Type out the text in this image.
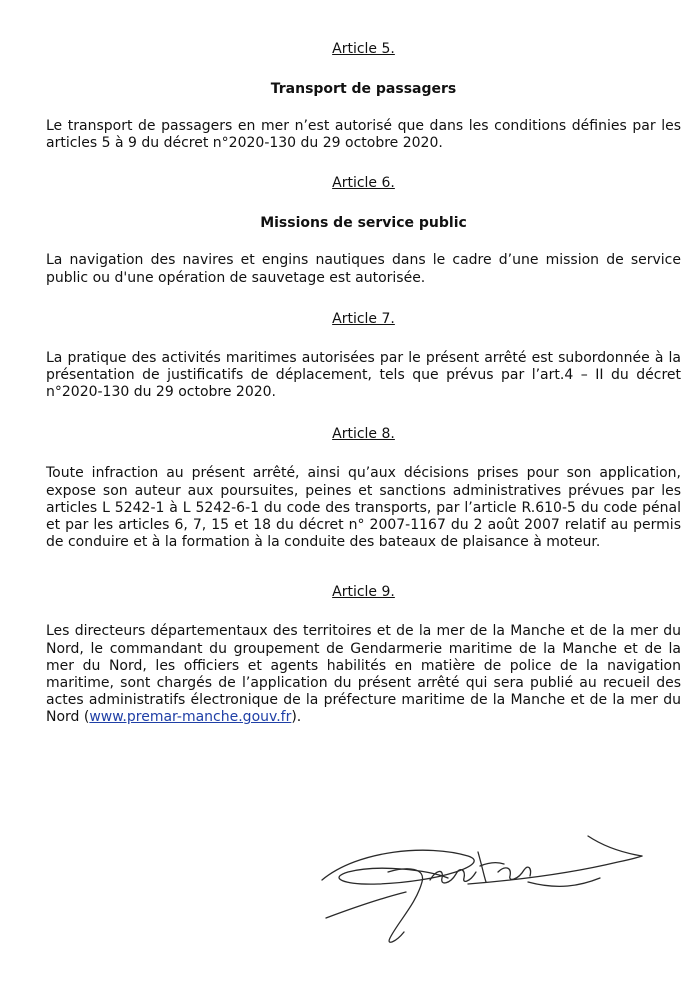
Article 5.
Transport de passagers

Le transport de passagers en mer n’est autorisé que dans les conditions définies par les articles 5 à 9 du décret n°2020-130 du 29 octobre 2020.

Article 6.
Missions de service public

La navigation des navires et engins nautiques dans le cadre d’une mission de service public ou d'une opération de sauvetage est autorisée.

Article 7.

La pratique des activités maritimes autorisées par le présent arrêté est subordonnée à la présentation de justificatifs de déplacement, tels que prévus par l’art.4 – II du décret n°2020-130 du 29 octobre 2020.

Article 8.

Toute infraction au présent arrêté, ainsi qu’aux décisions prises pour son application, expose son auteur aux poursuites, peines et sanctions administratives prévues par les articles L 5242-1 à L 5242-6-1 du code des transports, par l’article R.610-5 du code pénal et par les articles 6, 7, 15 et 18 du décret n° 2007-1167 du 2 août 2007 relatif au permis de conduire et à la formation à la conduite des bateaux de plaisance à moteur.

Article 9.

Les directeurs départementaux des territoires et de la mer de la Manche et de la mer du Nord, le commandant du groupement de Gendarmerie maritime de la Manche et de la mer du Nord, les officiers et agents habilités en matière de police de la navigation maritime, sont chargés de l’application du présent arrêté qui sera publié au recueil des actes administratifs électronique de la préfecture maritime de la Manche et de la mer du Nord (www.premar-manche.gouv.fr).
